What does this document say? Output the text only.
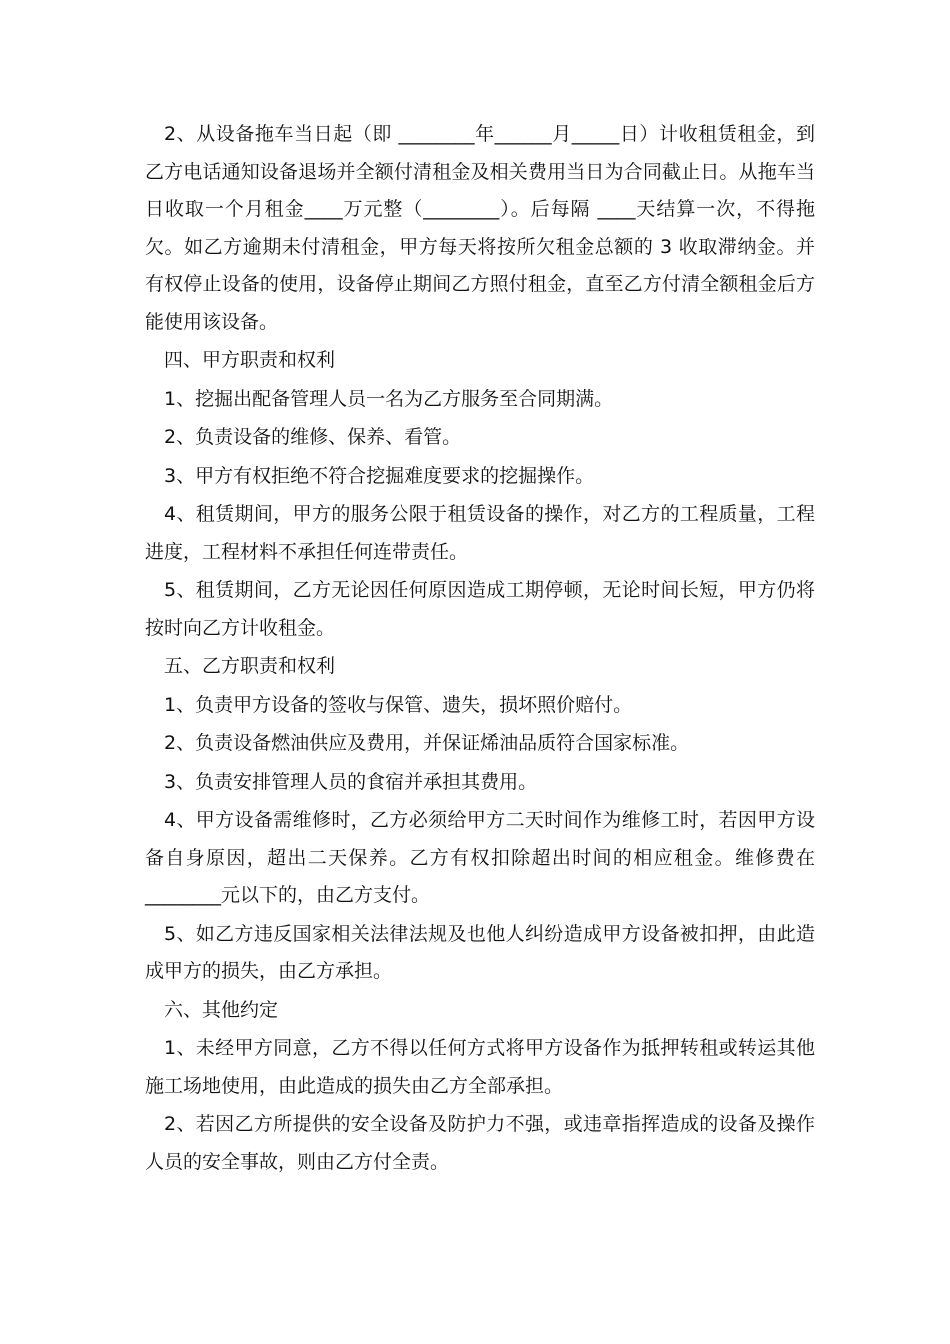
2、从设备拖车当日起（即 ________年______月_____日）计收租赁租金，到乙方电话通知设备退场并全额付清租金及相关费用当日为合同截止日。从拖车当日收取一个月租金____万元整（________）。后每隔 ____天结算一次，不得拖欠。如乙方逾期未付清租金，甲方每天将按所欠租金总额的 3 收取滞纳金。并有权停止设备的使用，设备停止期间乙方照付租金，直至乙方付清全额租金后方能使用该设备。

四、甲方职责和权利

1、挖掘出配备管理人员一名为乙方服务至合同期满。

2、负责设备的维修、保养、看管。

3、甲方有权拒绝不符合挖掘难度要求的挖掘操作。

4、租赁期间，甲方的服务公限于租赁设备的操作，对乙方的工程质量，工程进度，工程材料不承担任何连带责任。

5、租赁期间，乙方无论因任何原因造成工期停顿，无论时间长短，甲方仍将按时向乙方计收租金。

五、乙方职责和权利

1、负责甲方设备的签收与保管、遗失，损坏照价赔付。

2、负责设备燃油供应及费用，并保证烯油品质符合国家标准。

3、负责安排管理人员的食宿并承担其费用。

4、甲方设备需维修时，乙方必须给甲方二天时间作为维修工时，若因甲方设备自身原因，超出二天保养。乙方有权扣除超出时间的相应租金。维修费在________元以下的，由乙方支付。

5、如乙方违反国家相关法律法规及也他人纠纷造成甲方设备被扣押，由此造成甲方的损失，由乙方承担。

六、其他约定

1、未经甲方同意，乙方不得以任何方式将甲方设备作为抵押转租或转运其他施工场地使用，由此造成的损失由乙方全部承担。

2、若因乙方所提供的安全设备及防护力不强，或违章指挥造成的设备及操作人员的安全事故，则由乙方付全责。
